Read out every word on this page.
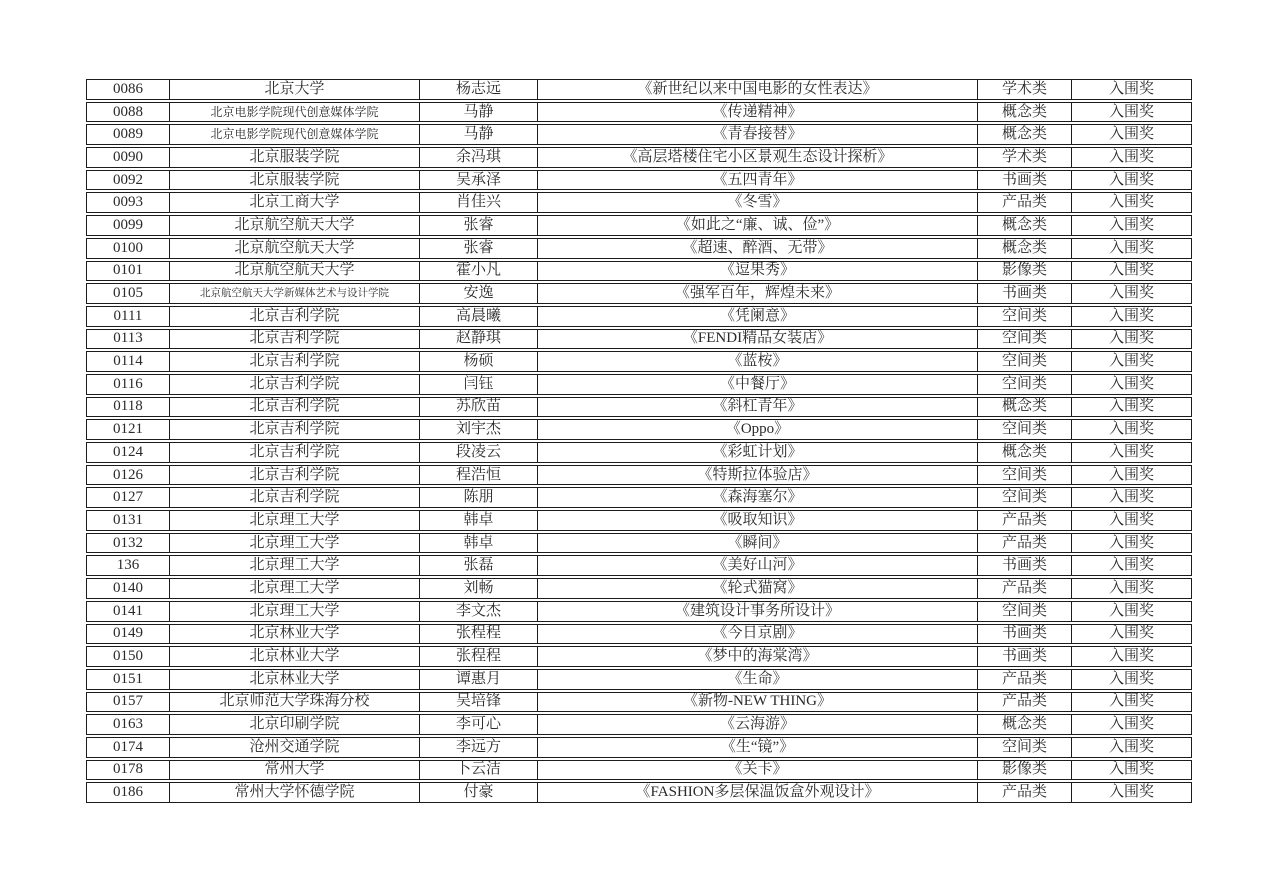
0086	北京大学	杨志远	《新世纪以来中国电影的女性表达》	学术类	入围奖
0088	北京电影学院现代创意媒体学院	马静	《传递精神》	概念类	入围奖
0089	北京电影学院现代创意媒体学院	马静	《青春接替》	概念类	入围奖
0090	北京服装学院	余冯琪	《高层塔楼住宅小区景观生态设计探析》	学术类	入围奖
0092	北京服装学院	吴承泽	《五四青年》	书画类	入围奖
0093	北京工商大学	肖佳兴	《冬雪》	产品类	入围奖
0099	北京航空航天大学	张睿	《如此之“廉、诚、俭”》	概念类	入围奖
0100	北京航空航天大学	张睿	《超速、醉酒、无带》	概念类	入围奖
0101	北京航空航天大学	霍小凡	《逗果秀》	影像类	入围奖
0105	北京航空航天大学新媒体艺术与设计学院	安逸	《强军百年，辉煌未来》	书画类	入围奖
0111	北京吉利学院	高晨曦	《凭阑意》	空间类	入围奖
0113	北京吉利学院	赵静琪	《FENDI精品女装店》	空间类	入围奖
0114	北京吉利学院	杨硕	《蓝桉》	空间类	入围奖
0116	北京吉利学院	闫钰	《中餐厅》	空间类	入围奖
0118	北京吉利学院	苏欣苗	《斜杠青年》	概念类	入围奖
0121	北京吉利学院	刘宇杰	《Oppo》	空间类	入围奖
0124	北京吉利学院	段凌云	《彩虹计划》	概念类	入围奖
0126	北京吉利学院	程浩恒	《特斯拉体验店》	空间类	入围奖
0127	北京吉利学院	陈朋	《森海塞尔》	空间类	入围奖
0131	北京理工大学	韩卓	《吸取知识》	产品类	入围奖
0132	北京理工大学	韩卓	《瞬间》	产品类	入围奖
136	北京理工大学	张磊	《美好山河》	书画类	入围奖
0140	北京理工大学	刘畅	《轮式猫窝》	产品类	入围奖
0141	北京理工大学	李文杰	《建筑设计事务所设计》	空间类	入围奖
0149	北京林业大学	张程程	《今日京剧》	书画类	入围奖
0150	北京林业大学	张程程	《梦中的海棠湾》	书画类	入围奖
0151	北京林业大学	谭惠月	《生命》	产品类	入围奖
0157	北京师范大学珠海分校	吴培锋	《新物-NEW THING》	产品类	入围奖
0163	北京印刷学院	李可心	《云海游》	概念类	入围奖
0174	沧州交通学院	李远方	《生“镜”》	空间类	入围奖
0178	常州大学	卜云洁	《关卡》	影像类	入围奖
0186	常州大学怀德学院	付豪	《FASHION多层保温饭盒外观设计》	产品类	入围奖
